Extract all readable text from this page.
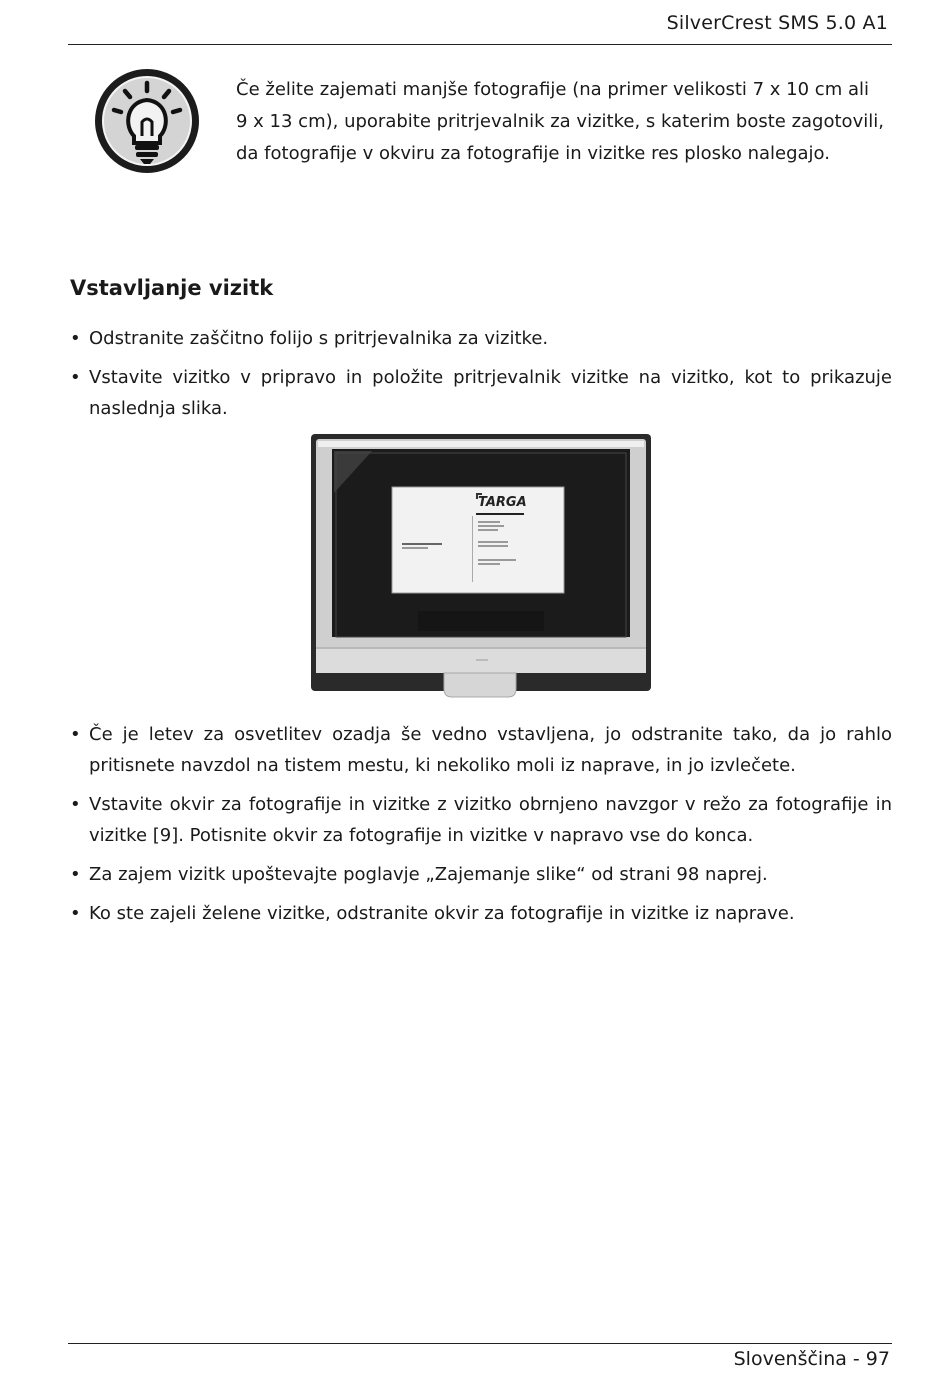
SilverCrest SMS 5.0 A1
Če želite zajemati manjše fotografije (na primer velikosti 7 x 10 cm ali 9 x 13 cm), uporabite pritrjevalnik za vizitke, s katerim boste zagotovili, da fotografije v okviru za fotografije in vizitke res plosko nalegajo.
Vstavljanje vizitk
• Odstranite zaščitno folijo s pritrjevalnika za vizitke.
• Vstavite vizitko v pripravo in položite pritrjevalnik vizitke na vizitko, kot to prikazuje naslednja slika.
TARGA
• Če je letev za osvetlitev ozadja še vedno vstavljena, jo odstranite tako, da jo rahlo pritisnete navzdol na tistem mestu, ki nekoliko moli iz naprave, in jo izvlečete.
• Vstavite okvir za fotografije in vizitke z vizitko obrnjeno navzgor v režo za fotografije in vizitke [9]. Potisnite okvir za fotografije in vizitke v napravo vse do konca.
• Za zajem vizitk upoštevajte poglavje „Zajemanje slike“ od strani 98 naprej.
• Ko ste zajeli želene vizitke, odstranite okvir za fotografije in vizitke iz naprave.
Slovenščina - 97
